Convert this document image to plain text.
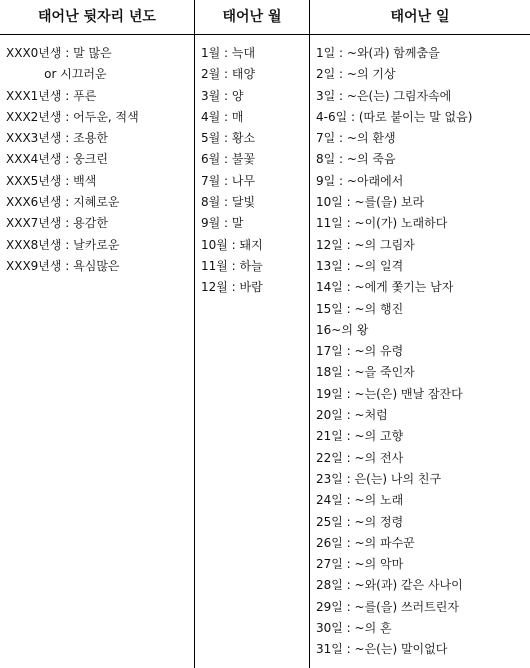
태어난 뒷자리 년도	태어난 월	태어난 일
XXX0년생 : 말 많은
or 시끄러운
XXX1년생 : 푸른
XXX2년생 : 어두운, 적색
XXX3년생 : 조용한
XXX4년생 : 웅크린
XXX5년생 : 백색
XXX6년생 : 지혜로운
XXX7년생 : 용감한
XXX8년생 : 날카로운
XXX9년생 : 욕심많은
1월 : 늑대
2월 : 태양
3월 : 양
4월 : 매
5월 : 황소
6월 : 불꽃
7월 : 나무
8월 : 달빛
9월 : 말
10월 : 돼지
11월 : 하늘
12월 : 바람
1일 : ~와(과) 함께춤을
2일 : ~의 기상
3일 : ~은(는) 그림자속에
4-6일 : (따로 붙이는 말 없음)
7일 : ~의 환생
8일 : ~의 죽음
9일 : ~아래에서
10일 : ~를(을) 보라
11일 : ~이(가) 노래하다
12일 : ~의 그림자
13일 : ~의 일격
14일 : ~에게 쫓기는 남자
15일 : ~의 행진
16~의 왕
17일 : ~의 유령
18일 : ~을 죽인자
19일 : ~는(은) 맨날 잠잔다
20일 : ~처럼
21일 : ~의 고향
22일 : ~의 전사
23일 : 은(는) 나의 친구
24일 : ~의 노래
25일 : ~의 정령
26일 : ~의 파수꾼
27일 : ~의 악마
28일 : ~와(과) 같은 사나이
29일 : ~를(을) 쓰러트린자
30일 : ~의 혼
31일 : ~은(는) 말이없다
